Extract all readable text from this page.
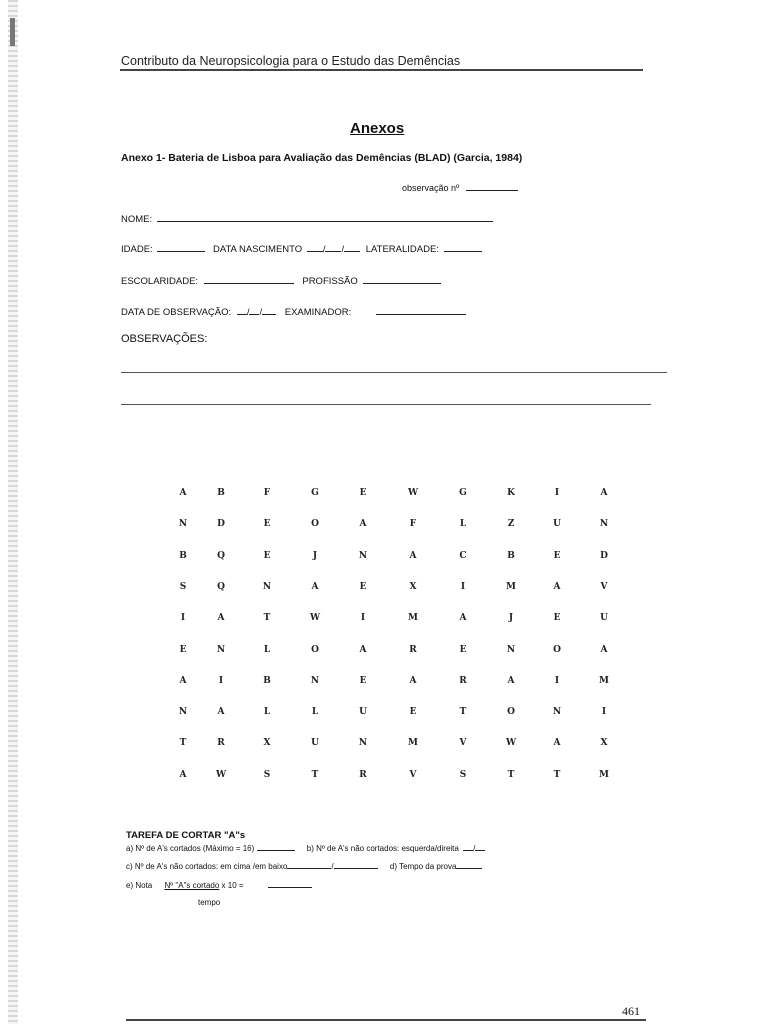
Contributo da Neuropsicologia para o Estudo das Demências
Anexos
Anexo 1- Bateria de Lisboa para Avaliação das Demências (BLAD) (Garcia, 1984)
observação nº
NOME:
IDADE:	DATA NASCIMENTO / / LATERALIDADE:
ESCOLARIDADE:	PROFISSÃO
DATA DE OBSERVAÇÃO: / / EXAMINADOR:
OBSERVAÇÕES:
A	B	F	G	E	W	G	K	I	A
N	D	E	O	A	F	L	Z	U	N
B	Q	E	J	N	A	C	B	E	D
S	Q	N	A	E	X	I	M	A	V
I	A	T	W	I	M	A	J	E	U
E	N	L	O	A	R	E	N	O	A
A	I	B	N	E	A	R	A	I	M
N	A	L	L	U	E	T	O	N	I
T	R	X	U	N	M	V	W	A	X
A	W	S	T	R	V	S	T	T	M
TAREFA DE CORTAR "A"s
a) Nº de A's cortados (Máximo = 16)	b) Nº de A's não cortados: esquerda/direita /
c) Nº de A's não cortados: em cima /em baixo	/	d) Tempo da prova
e) Nota Nº "A"s cortado x 10 =
tempo
461
